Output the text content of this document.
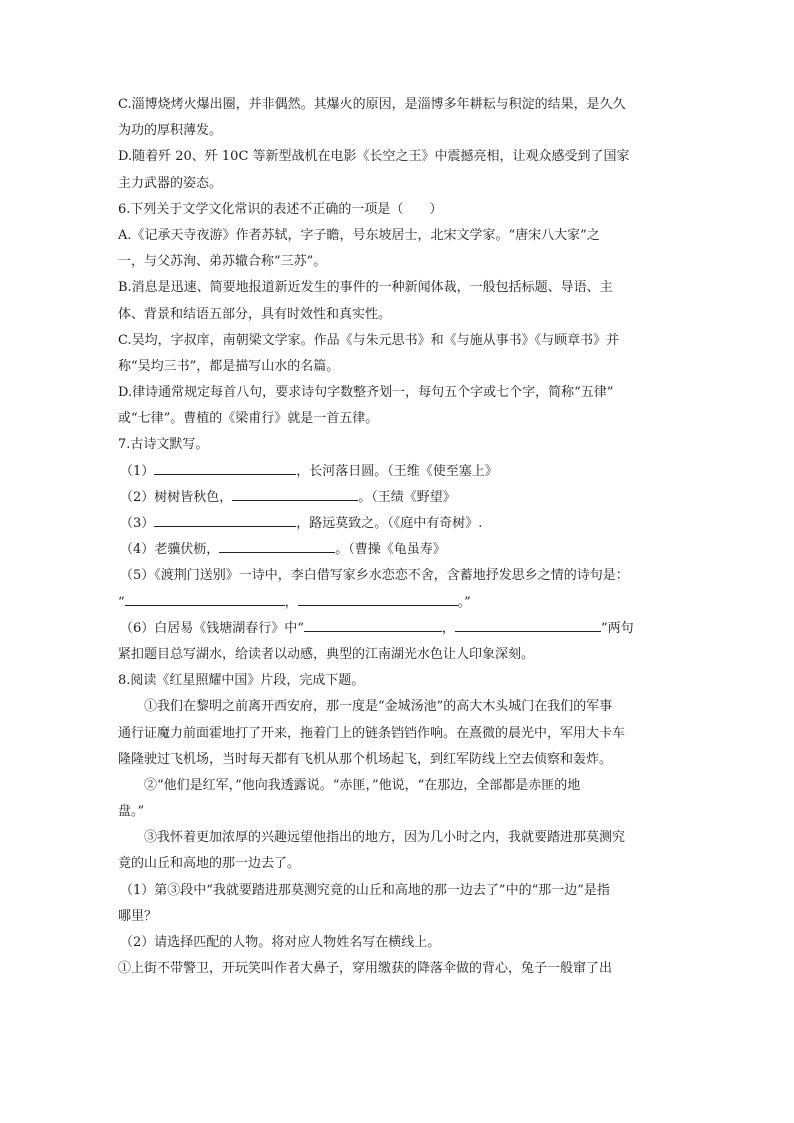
C.淄博烧烤火爆出圈，并非偶然。其爆火的原因，是淄博多年耕耘与积淀的结果，是久久
为功的厚积薄发。
D.随着歼 20、歼 10C 等新型战机在电影《长空之王》中震撼亮相，让观众感受到了国家
主力武器的姿态。
6.下列关于文学文化常识的表述不正确的一项是（　　）
A.《记承天寺夜游》作者苏轼，字子瞻，号东坡居士，北宋文学家。“唐宋八大家”之
一，与父苏洵、弟苏辙合称“三苏”。
B.消息是迅速、简要地报道新近发生的事件的一种新闻体裁，一般包括标题、导语、主
体、背景和结语五部分，具有时效性和真实性。
C.吴均，字叔庠，南朝梁文学家。作品《与朱元思书》和《与施从事书》《与顾章书》并
称“吴均三书”，都是描写山水的名篇。
D.律诗通常规定每首八句，要求诗句字数整齐划一，每句五个字或七个字，简称“五律”
或“七律”。曹植的《梁甫行》就是一首五律。
7.古诗文默写。
（1）	，长河落日圆。（王维《使至塞上》
（2）树树皆秋色，	。（王绩《野望》
（3）	，路远莫致之。（《庭中有奇树》.
（4）老骥伏枥，	。（曹操《龟虽寿》
（5）《渡荆门送别》一诗中，李白借写家乡水恋恋不舍，含蓄地抒发思乡之情的诗句是：
“	，	。”
（6）白居易《钱塘湖春行》中“	，	”两句
紧扣题目总写湖水，给读者以动感，典型的江南湖光水色让人印象深刻。
8.阅读《红星照耀中国》片段，完成下题。
①我们在黎明之前离开西安府，那一度是“金城汤池”的高大木头城门在我们的军事
通行证魔力前面霍地打了开来，拖着门上的链条铛铛作响。在熹微的晨光中，军用大卡车
隆隆驶过飞机场，当时每天都有飞机从那个机场起飞，到红军防线上空去侦察和轰炸。
②“他们是红军，”他向我透露说。“赤匪，”他说，“在那边，全部都是赤匪的地
盘。”
③我怀着更加浓厚的兴趣远望他指出的地方，因为几小时之内，我就要踏进那莫测究
竟的山丘和高地的那一边去了。
（1）第③段中“我就要踏进那莫测究竟的山丘和高地的那一边去了”中的“那一边”是指
哪里？
（2）请选择匹配的人物。将对应人物姓名写在横线上。
①上街不带警卫，开玩笑叫作者大鼻子，穿用缴获的降落伞做的背心，兔子一般窜了出
